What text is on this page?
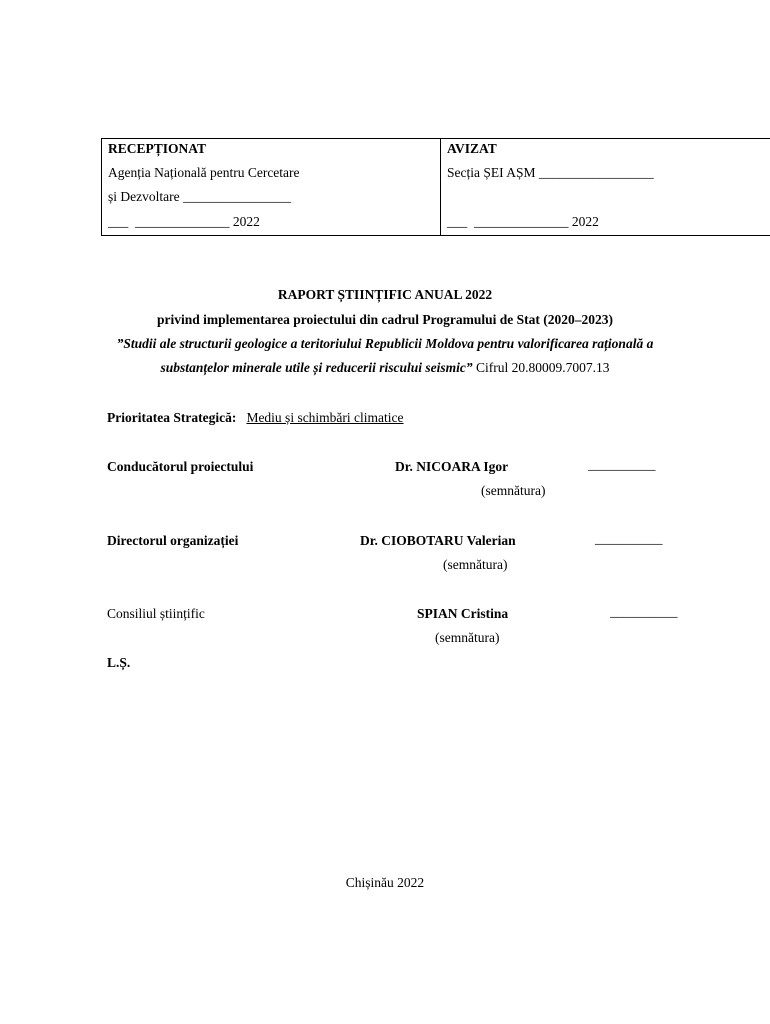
RECEPȚIONAT
Agenția Națională pentru Cercetare
și Dezvoltare ________________
___  ______________ 2022
AVIZAT
Secția ȘEI AȘM _________________
___  ______________ 2022
RAPORT ȘTIINȚIFIC ANUAL 2022
privind implementarea proiectului din cadrul Programului de Stat (2020–2023)
”Studii ale structurii geologice a teritoriului Republicii Moldova pentru valorificarea rațională a
substanțelor minerale utile și reducerii riscului seismic” Cifrul 20.80009.7007.13
Prioritatea Strategică: Mediu și schimbări climatice
Conducătorul proiectului	Dr. NICOARA Igor	__________
(semnătura)
Directorul organizației	Dr. CIOBOTARU Valerian	__________
(semnătura)
Consiliul științific	SPIAN Cristina	__________
(semnătura)
L.Ș.
Chișinău 2022
